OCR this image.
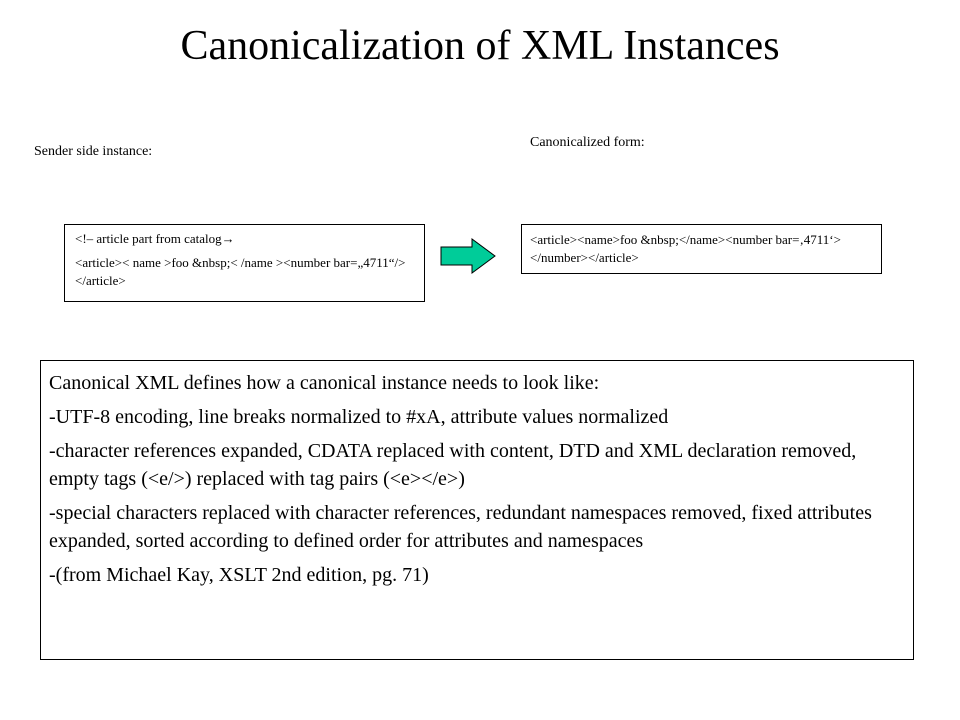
Canonicalization of XML Instances
Sender side instance:
Canonicalized form:

<!– article part from catalog→

<article>< name >foo &nbsp;< /name ><number bar=„4711“/></article>

<article><name>foo &nbsp;</name><number bar=‚4711‘></number></article>

Canonical XML defines how a canonical instance needs to look like:

-UTF-8 encoding, line breaks normalized to #xA, attribute values normalized

-character references expanded, CDATA replaced with content, DTD and XML declaration removed, empty tags (<e/>) replaced with tag pairs (<e></e>)

-special characters replaced with character references, redundant namespaces removed, fixed attributes expanded, sorted according to defined order for attributes and namespaces

-(from Michael Kay, XSLT 2nd edition, pg. 71)
